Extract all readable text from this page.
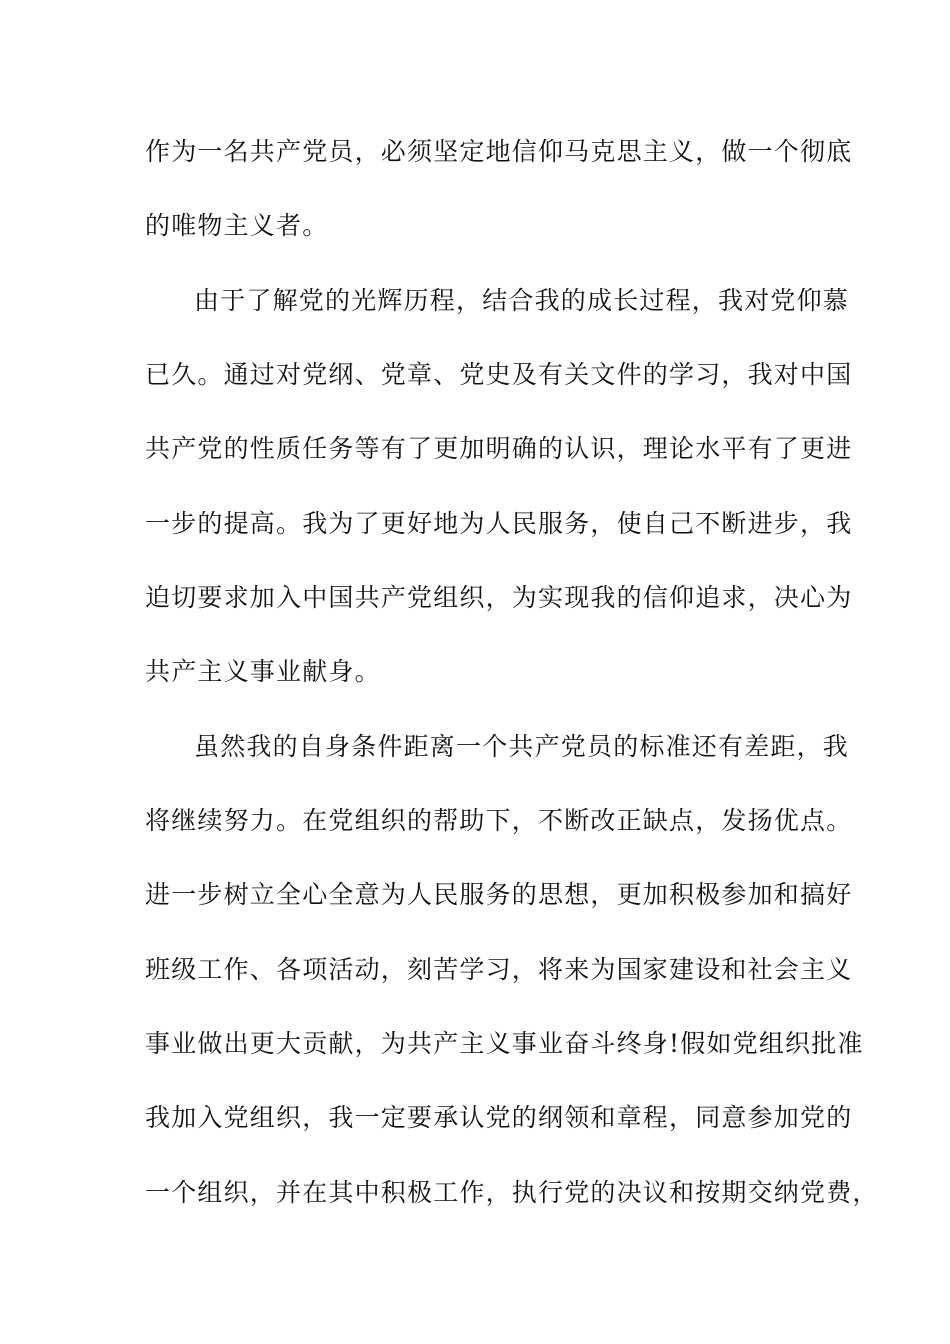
作为一名共产党员，必须坚定地信仰马克思主义，做一个彻底
的唯物主义者。
由于了解党的光辉历程，结合我的成长过程，我对党仰慕
已久。通过对党纲、党章、党史及有关文件的学习，我对中国
共产党的性质任务等有了更加明确的认识，理论水平有了更进
一步的提高。我为了更好地为人民服务，使自己不断进步，我
迫切要求加入中国共产党组织，为实现我的信仰追求，决心为
共产主义事业献身。
虽然我的自身条件距离一个共产党员的标准还有差距，我
将继续努力。在党组织的帮助下，不断改正缺点，发扬优点。
进一步树立全心全意为人民服务的思想，更加积极参加和搞好
班级工作、各项活动，刻苦学习，将来为国家建设和社会主义
事业做出更大贡献，为共产主义事业奋斗终身!假如党组织批准
我加入党组织，我一定要承认党的纲领和章程，同意参加党的
一个组织，并在其中积极工作，执行党的决议和按期交纳党费，
